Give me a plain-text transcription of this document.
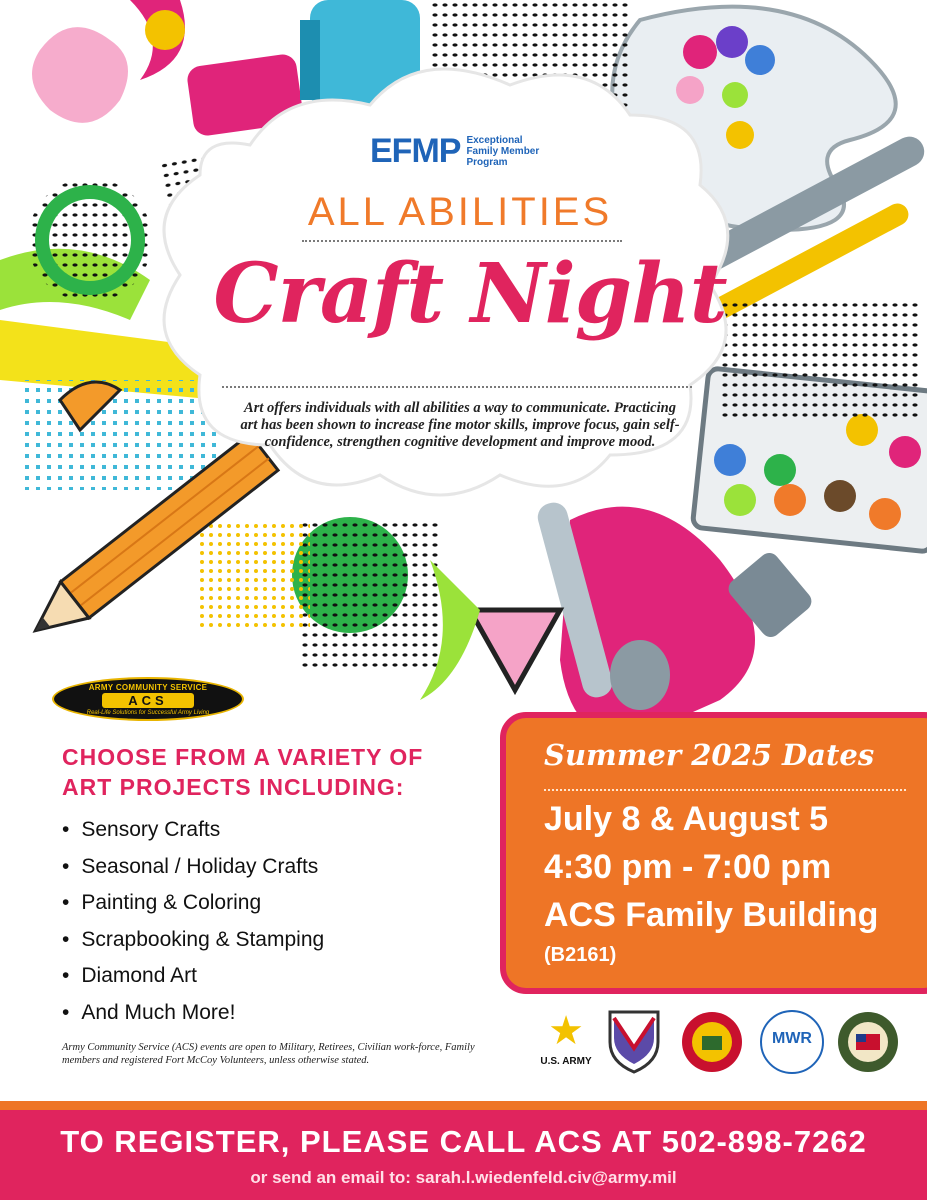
EFMP Exceptional
Family Member
Program
ALL ABILITIES
Craft Night

Art offers individuals with all abilities a way to communicate. Practicing art has been shown to increase fine motor skills, improve focus, gain self-confidence, strengthen cognitive development and improve mood.

ARMY COMMUNITY SERVICE
ACS
Real-Life Solutions for Successful Army Living
CHOOSE FROM A VARIETY OF
ART PROJECTS INCLUDING:
• Sensory Crafts
• Seasonal / Holiday Crafts
• Painting & Coloring
• Scrapbooking & Stamping
• Diamond Art
• And Much More!

Army Community Service (ACS) events are open to Military, Retirees, Civilian work-force, Family members and registered Fort McCoy Volunteers, unless otherwise stated.

Summer 2025 Dates
July 8 & August 5
4:30 pm - 7:00 pm
ACS Family Building
(B2161)
★
U.S. ARMY
MWR
TO REGISTER, PLEASE CALL ACS AT 502-898-7262
or send an email to: sarah.l.wiedenfeld.civ@army.mil
